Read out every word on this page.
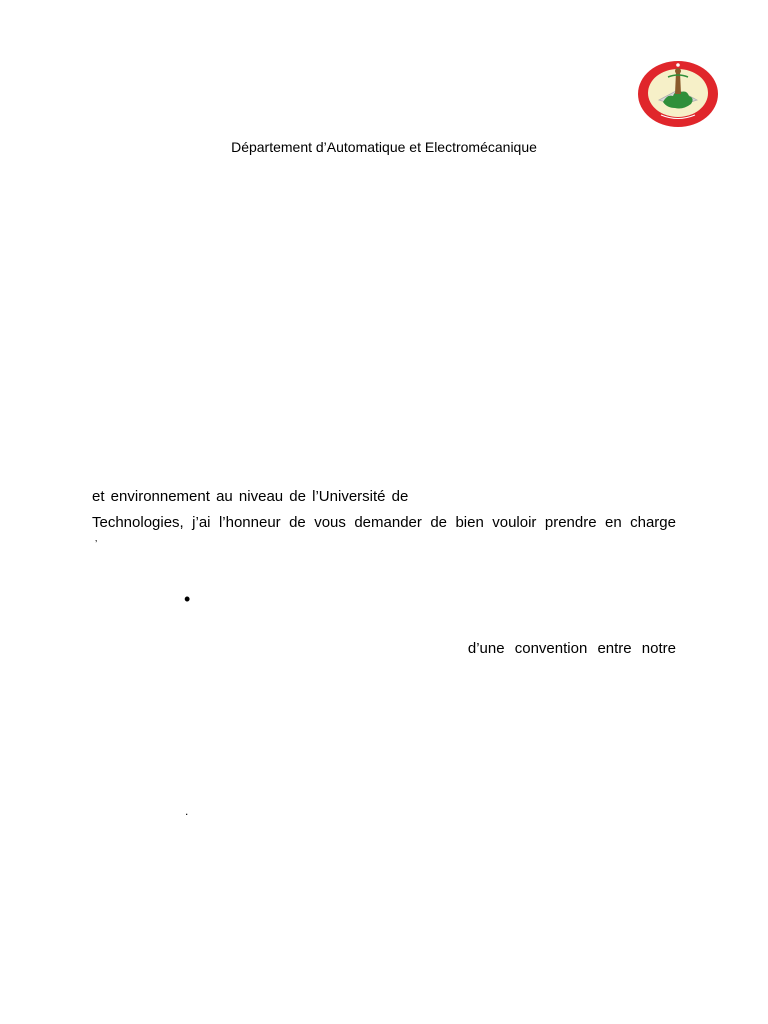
Département d’Automatique et Electromécanique
et environnement au niveau de l’Université de
Technologies, j’ai l’honneur de vous demander de bien vouloir prendre en charge
’
•
d’une convention entre notre
.
